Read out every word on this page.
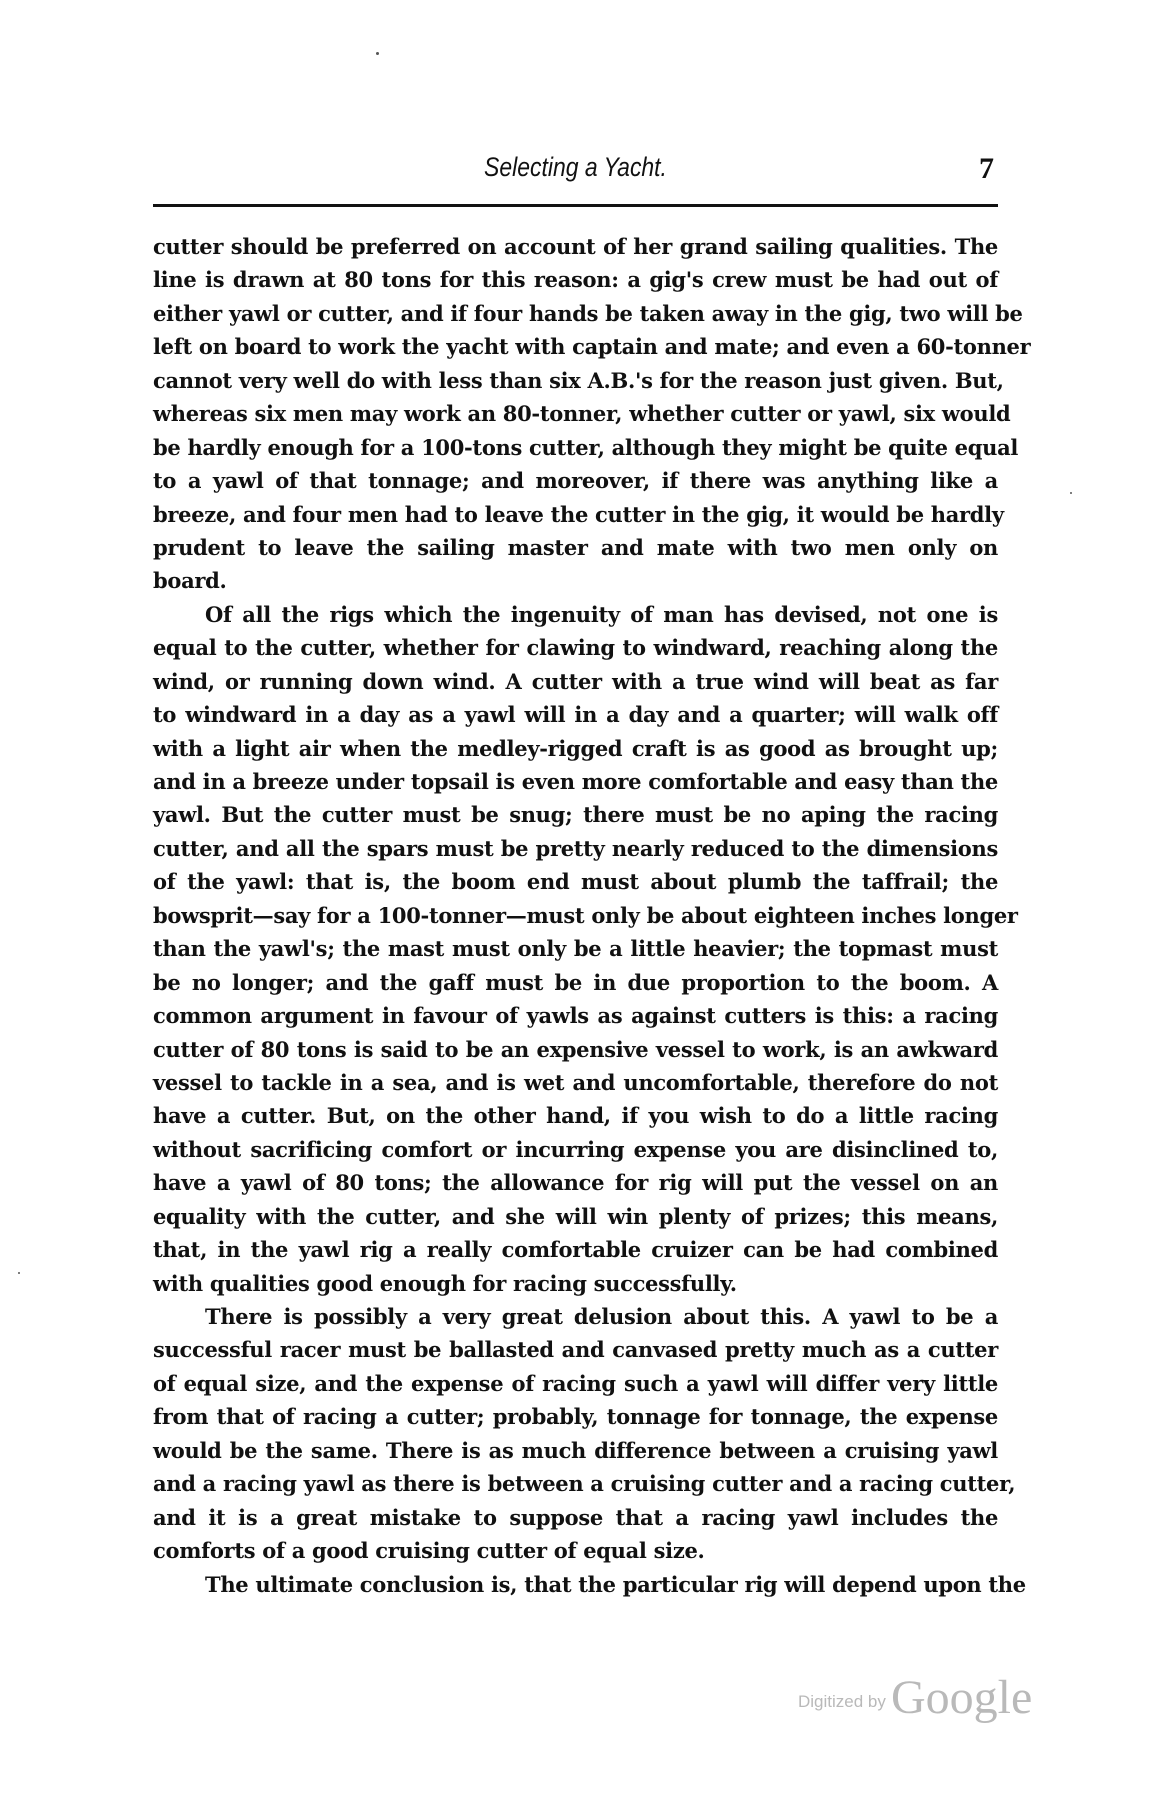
Selecting a Yacht.	7
cutter should be preferred on account of her grand sailing qualities. The
line is drawn at 80 tons for this reason: a gig's crew must be had out of
either yawl or cutter, and if four hands be taken away in the gig, two will be
left on board to work the yacht with captain and mate; and even a 60-tonner
cannot very well do with less than six A.B.'s for the reason just given. But,
whereas six men may work an 80-tonner, whether cutter or yawl, six would
be hardly enough for a 100-tons cutter, although they might be quite equal
to a yawl of that tonnage; and moreover, if there was anything like a
breeze, and four men had to leave the cutter in the gig, it would be hardly
prudent to leave the sailing master and mate with two men only on
board.
Of all the rigs which the ingenuity of man has devised, not one is
equal to the cutter, whether for clawing to windward, reaching along the
wind, or running down wind. A cutter with a true wind will beat as far
to windward in a day as a yawl will in a day and a quarter; will walk off
with a light air when the medley-rigged craft is as good as brought up;
and in a breeze under topsail is even more comfortable and easy than the
yawl. But the cutter must be snug; there must be no aping the racing
cutter, and all the spars must be pretty nearly reduced to the dimensions
of the yawl: that is, the boom end must about plumb the taffrail; the
bowsprit—say for a 100-tonner—must only be about eighteen inches longer
than the yawl's; the mast must only be a little heavier; the topmast must
be no longer; and the gaff must be in due proportion to the boom. A
common argument in favour of yawls as against cutters is this: a racing
cutter of 80 tons is said to be an expensive vessel to work, is an awkward
vessel to tackle in a sea, and is wet and uncomfortable, therefore do not
have a cutter. But, on the other hand, if you wish to do a little racing
without sacrificing comfort or incurring expense you are disinclined to,
have a yawl of 80 tons; the allowance for rig will put the vessel on an
equality with the cutter, and she will win plenty of prizes; this means,
that, in the yawl rig a really comfortable cruizer can be had combined
with qualities good enough for racing successfully.
There is possibly a very great delusion about this. A yawl to be a
successful racer must be ballasted and canvased pretty much as a cutter
of equal size, and the expense of racing such a yawl will differ very little
from that of racing a cutter; probably, tonnage for tonnage, the expense
would be the same. There is as much difference between a cruising yawl
and a racing yawl as there is between a cruising cutter and a racing cutter,
and it is a great mistake to suppose that a racing yawl includes the
comforts of a good cruising cutter of equal size.
The ultimate conclusion is, that the particular rig will depend upon the
Digitized by Google
